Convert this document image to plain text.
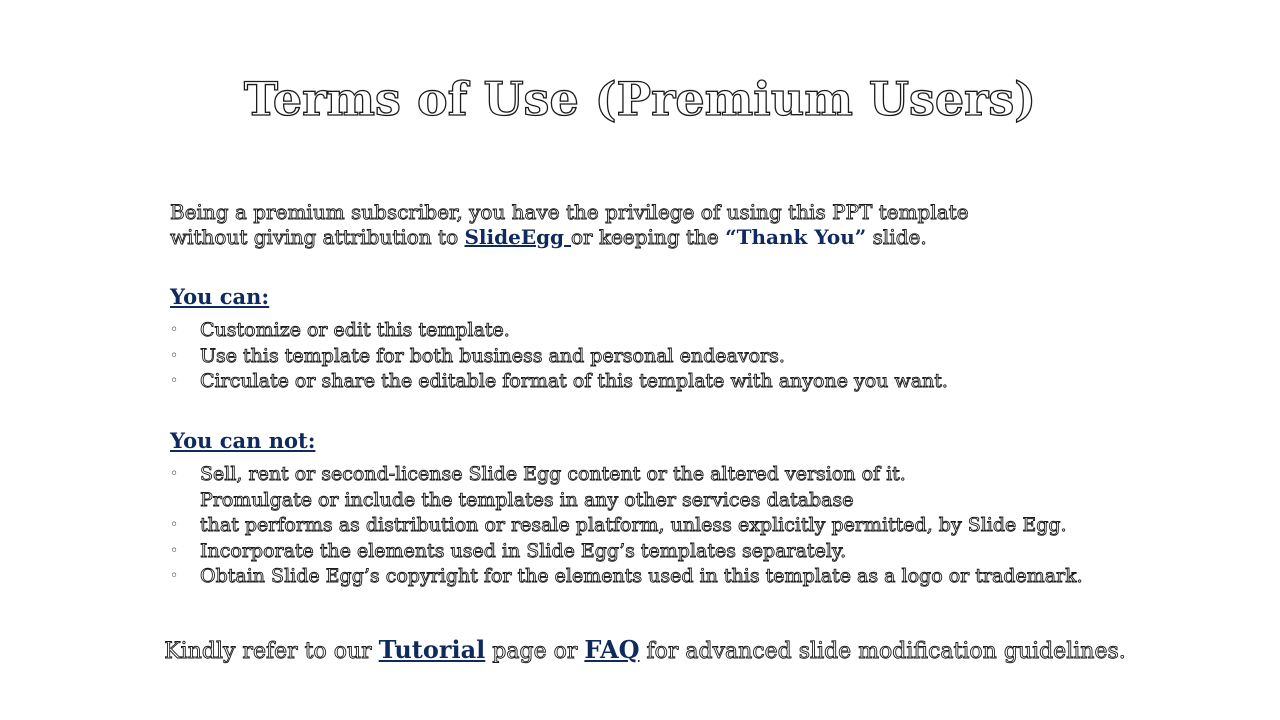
Terms of Use (Premium Users)
Being a premium subscriber, you have the privilege of using this PPT template
without giving attribution to SlideEgg or keeping the “Thank You” slide.
You can:
◦ Customize or edit this template.
◦ Use this template for both business and personal endeavors.
◦ Circulate or share the editable format of this template with anyone you want.
You can not:
◦ Sell, rent or second-license Slide Egg content or the altered version of it.
Promulgate or include the templates in any other services database
◦ that performs as distribution or resale platform, unless explicitly permitted, by Slide Egg.
◦ Incorporate the elements used in Slide Egg’s templates separately.
◦ Obtain Slide Egg’s copyright for the elements used in this template as a logo or trademark.
Kindly refer to our Tutorial page or FAQ for advanced slide modification guidelines.
